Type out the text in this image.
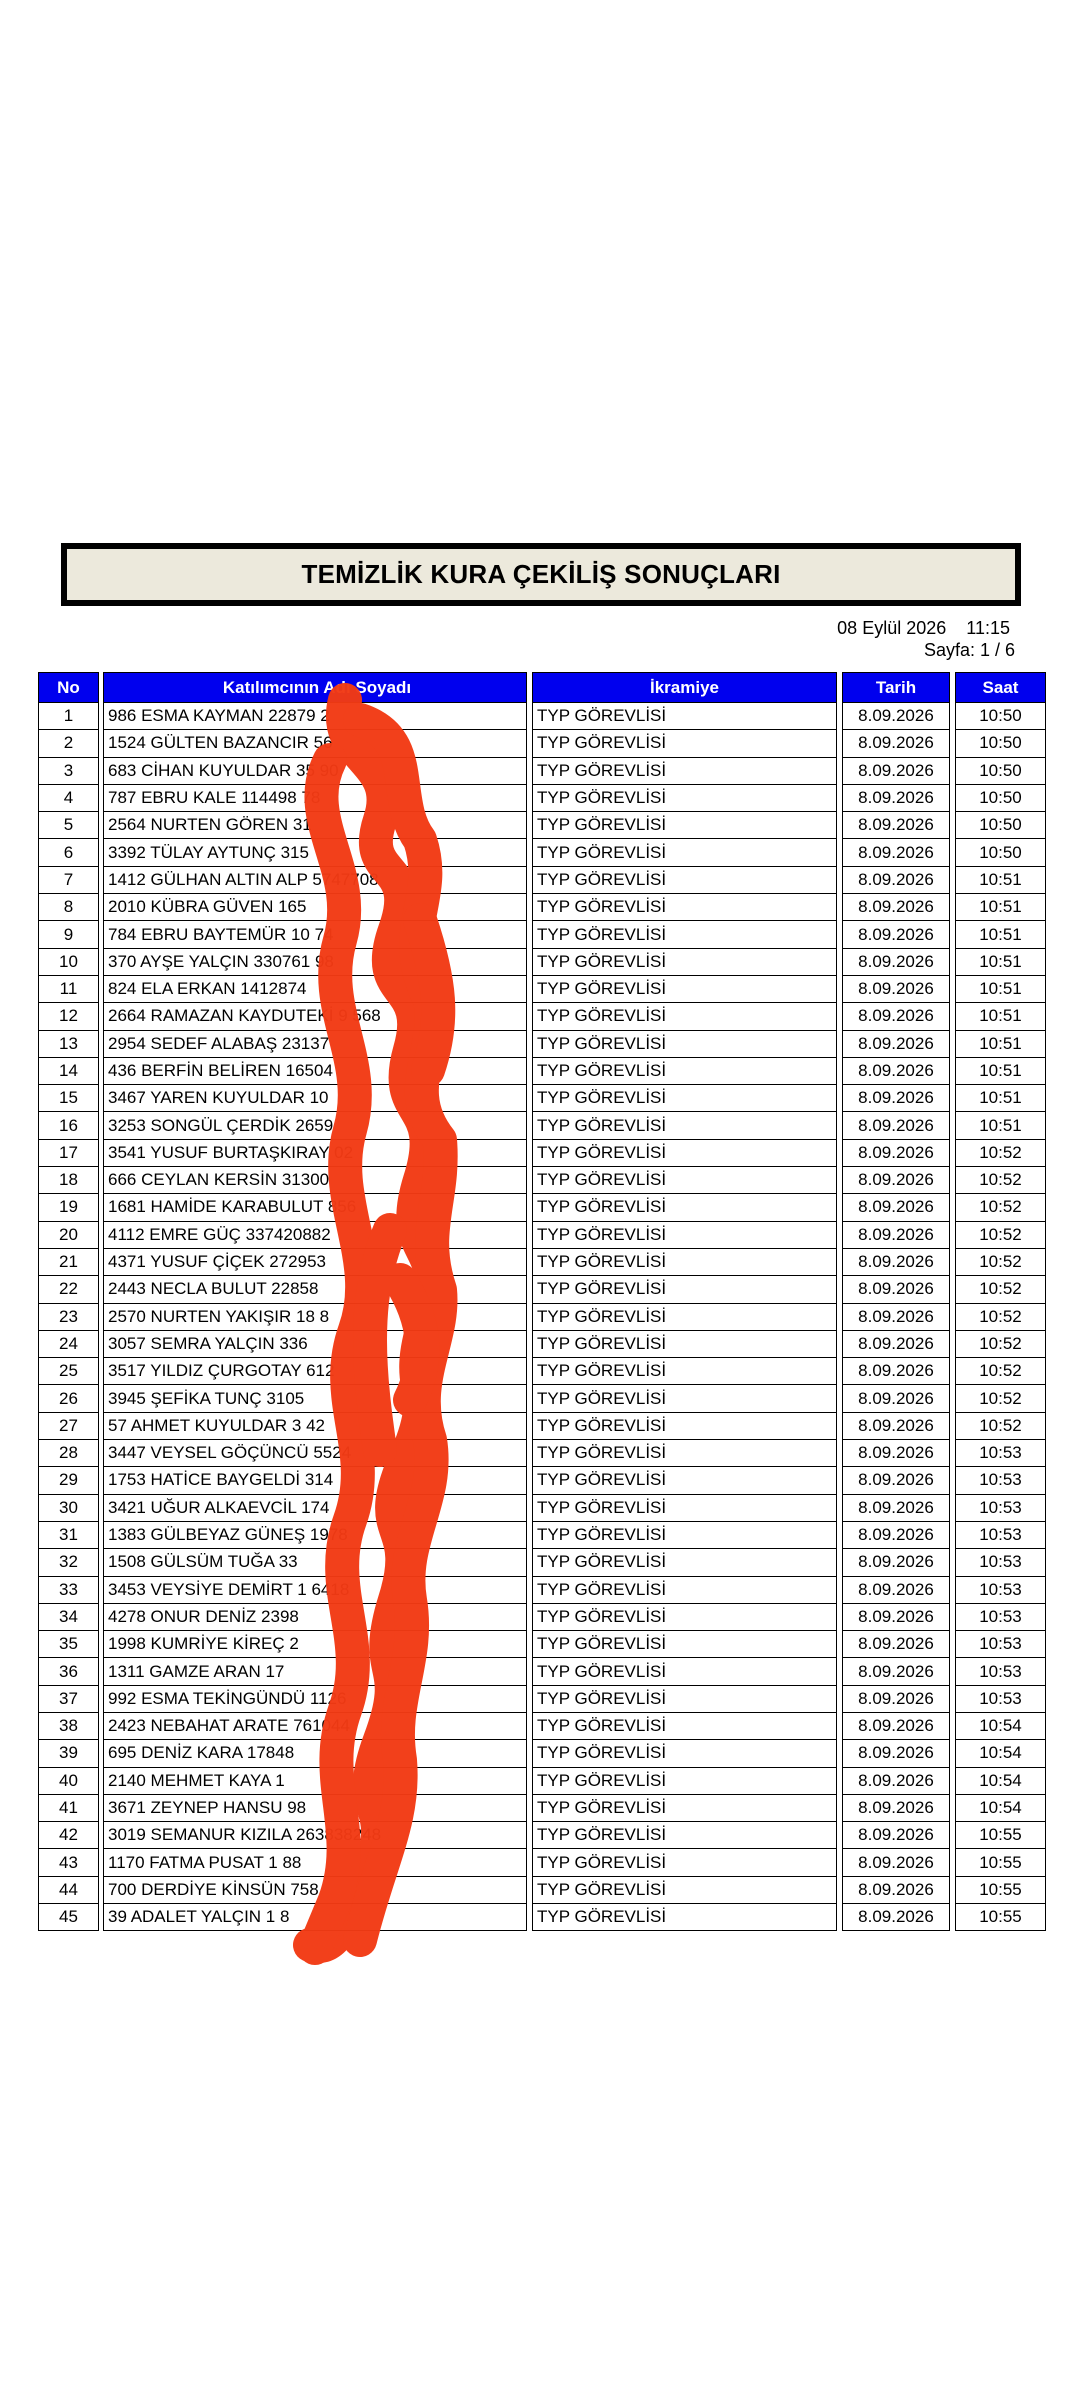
TEMİZLİK KURA ÇEKİLİŞ SONUÇLARI
08 Eylül 2026 11:15
Sayfa: 1 / 6
No	Katılımcının Adı Soyadı	İkramiye	Tarih	Saat
1	986 ESMA KAYMAN 22879 2	TYP GÖREVLİSİ	8.09.2026	10:50
2	1524 GÜLTEN BAZANCIR 56	TYP GÖREVLİSİ	8.09.2026	10:50
3	683 CİHAN KUYULDAR 35 90	TYP GÖREVLİSİ	8.09.2026	10:50
4	787 EBRU KALE 114498 78	TYP GÖREVLİSİ	8.09.2026	10:50
5	2564 NURTEN GÖREN 31	TYP GÖREVLİSİ	8.09.2026	10:50
6	3392 TÜLAY AYTUNÇ 315	TYP GÖREVLİSİ	8.09.2026	10:50
7	1412 GÜLHAN ALTIN ALP 5747708	TYP GÖREVLİSİ	8.09.2026	10:51
8	2010 KÜBRA GÜVEN 165	TYP GÖREVLİSİ	8.09.2026	10:51
9	784 EBRU BAYTEMÜR 10 74	TYP GÖREVLİSİ	8.09.2026	10:51
10	370 AYŞE YALÇIN 330761 98	TYP GÖREVLİSİ	8.09.2026	10:51
11	824 ELA ERKAN 1412874	TYP GÖREVLİSİ	8.09.2026	10:51
12	2664 RAMAZAN KAYDUTEKİ 9 568	TYP GÖREVLİSİ	8.09.2026	10:51
13	2954 SEDEF ALABAŞ 23137	TYP GÖREVLİSİ	8.09.2026	10:51
14	436 BERFİN BELİREN 16504	TYP GÖREVLİSİ	8.09.2026	10:51
15	3467 YAREN KUYULDAR 10	TYP GÖREVLİSİ	8.09.2026	10:51
16	3253 SONGÜL ÇERDİK 2659	TYP GÖREVLİSİ	8.09.2026	10:51
17	3541 YUSUF BURTAŞKIRAY 02	TYP GÖREVLİSİ	8.09.2026	10:52
18	666 CEYLAN KERSİN 31300	TYP GÖREVLİSİ	8.09.2026	10:52
19	1681 HAMİDE KARABULUT 856	TYP GÖREVLİSİ	8.09.2026	10:52
20	4112 EMRE GÜÇ 337420882	TYP GÖREVLİSİ	8.09.2026	10:52
21	4371 YUSUF ÇİÇEK 272953	TYP GÖREVLİSİ	8.09.2026	10:52
22	2443 NECLA BULUT 22858	TYP GÖREVLİSİ	8.09.2026	10:52
23	2570 NURTEN YAKIŞIR 18 8	TYP GÖREVLİSİ	8.09.2026	10:52
24	3057 SEMRA YALÇIN 336	TYP GÖREVLİSİ	8.09.2026	10:52
25	3517 YILDIZ ÇURGOTAY 612	TYP GÖREVLİSİ	8.09.2026	10:52
26	3945 ŞEFİKA TUNÇ 3105	TYP GÖREVLİSİ	8.09.2026	10:52
27	57 AHMET KUYULDAR 3 42	TYP GÖREVLİSİ	8.09.2026	10:52
28	3447 VEYSEL GÖÇÜNCÜ 5524	TYP GÖREVLİSİ	8.09.2026	10:53
29	1753 HATİCE BAYGELDİ 314	TYP GÖREVLİSİ	8.09.2026	10:53
30	3421 UĞUR ALKAEVCİL 174	TYP GÖREVLİSİ	8.09.2026	10:53
31	1383 GÜLBEYAZ GÜNEŞ 1978	TYP GÖREVLİSİ	8.09.2026	10:53
32	1508 GÜLSÜM TUĞA 33	TYP GÖREVLİSİ	8.09.2026	10:53
33	3453 VEYSİYE DEMİRT 1 6418	TYP GÖREVLİSİ	8.09.2026	10:53
34	4278 ONUR DENİZ 2398	TYP GÖREVLİSİ	8.09.2026	10:53
35	1998 KUMRİYE KİREÇ 2	TYP GÖREVLİSİ	8.09.2026	10:53
36	1311 GAMZE ARAN 17	TYP GÖREVLİSİ	8.09.2026	10:53
37	992 ESMA TEKİNGÜNDÜ 1126	TYP GÖREVLİSİ	8.09.2026	10:53
38	2423 NEBAHAT ARATE 761044	TYP GÖREVLİSİ	8.09.2026	10:54
39	695 DENİZ KARA 17848	TYP GÖREVLİSİ	8.09.2026	10:54
40	2140 MEHMET KAYA 1	TYP GÖREVLİSİ	8.09.2026	10:54
41	3671 ZEYNEP HANSU 98	TYP GÖREVLİSİ	8.09.2026	10:54
42	3019 SEMANUR KIZILA 263838248	TYP GÖREVLİSİ	8.09.2026	10:55
43	1170 FATMA PUSAT 1 88	TYP GÖREVLİSİ	8.09.2026	10:55
44	700 DERDİYE KİNSÜN 758	TYP GÖREVLİSİ	8.09.2026	10:55
45	39 ADALET YALÇIN 1 8	TYP GÖREVLİSİ	8.09.2026	10:55
